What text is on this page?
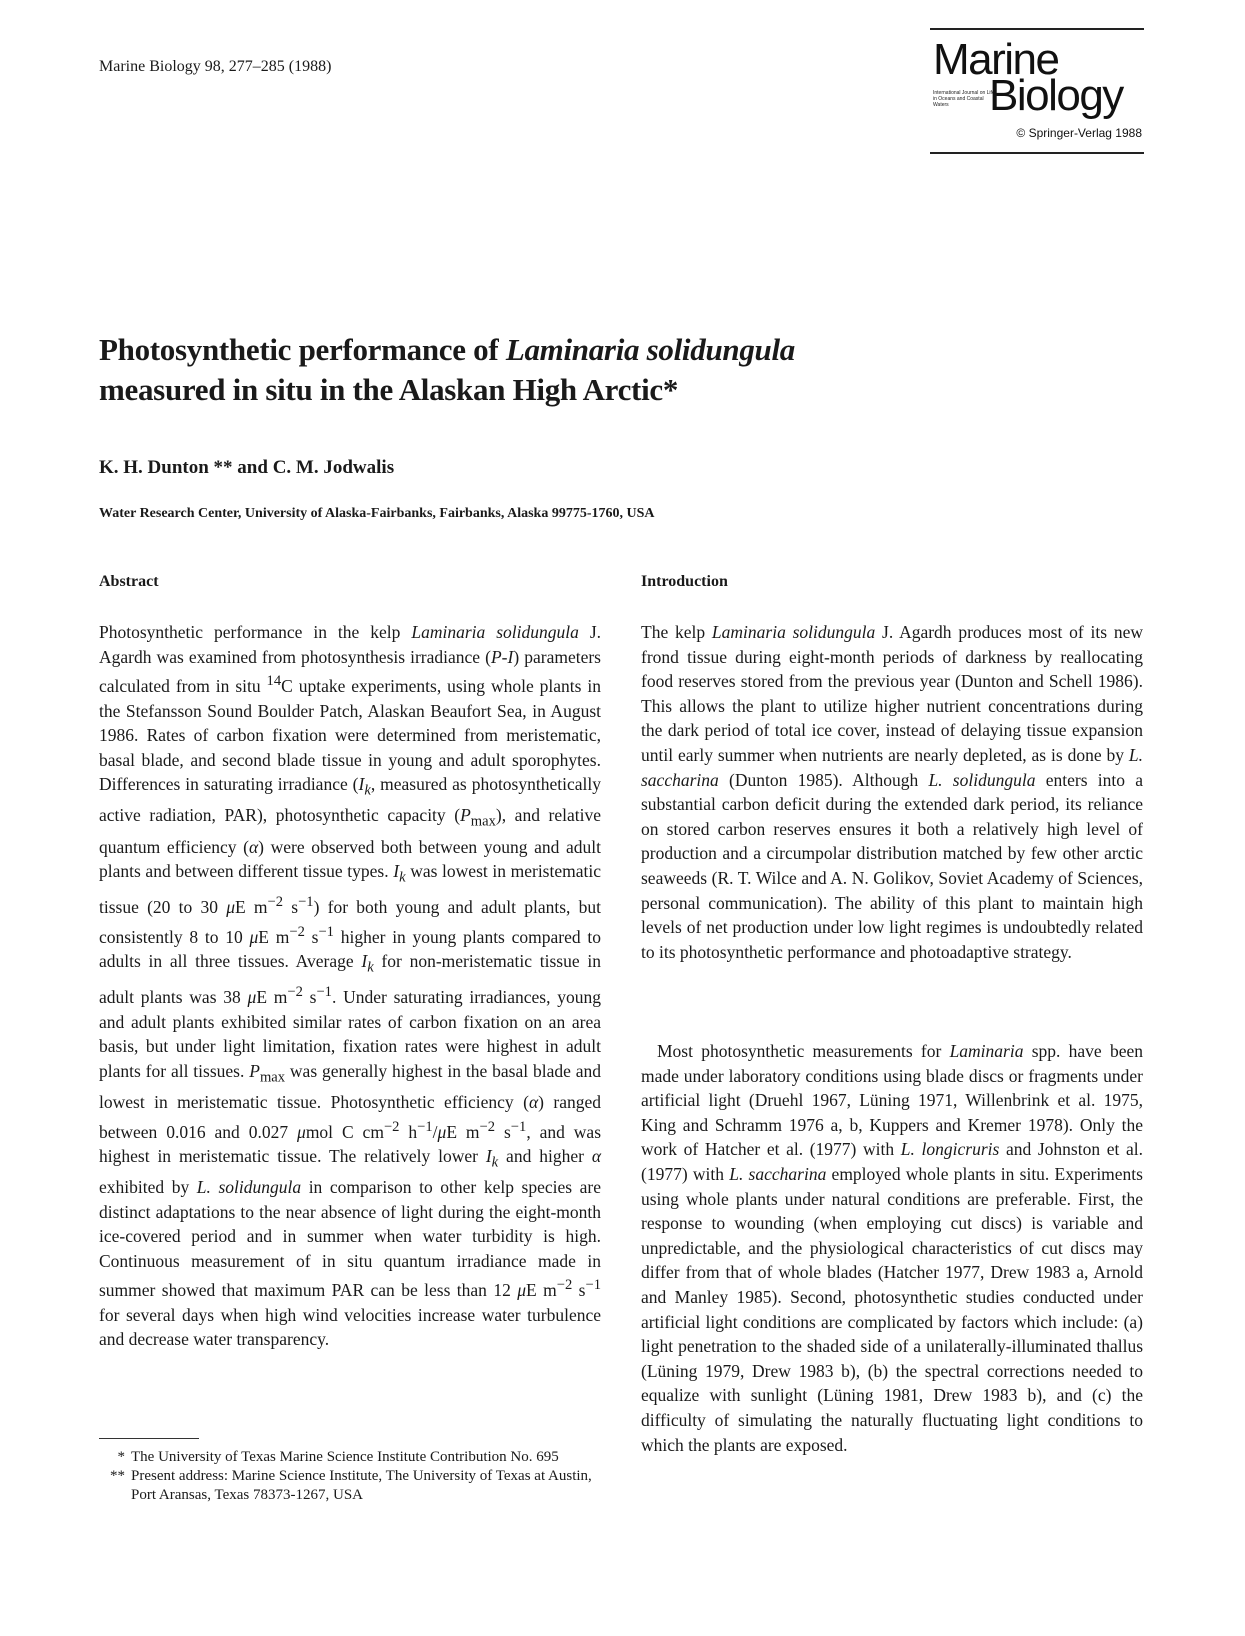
Marine Biology 98, 277–285 (1988)	Marine
International Journal on Life in Oceans and Coastal Waters Biology
© Springer-Verlag 1988
Photosynthetic performance of Laminaria solidungula
measured in situ in the Alaskan High Arctic*
K. H. Dunton ** and C. M. Jodwalis
Water Research Center, University of Alaska-Fairbanks, Fairbanks, Alaska 99775-1760, USA
Abstract

Photosynthetic performance in the kelp Laminaria solidungula J. Agardh was examined from photosynthesis irradiance (P-I) parameters calculated from in situ $^{14}$C uptake experiments, using whole plants in the Stefansson Sound Boulder Patch, Alaskan Beaufort Sea, in August 1986. Rates of carbon fixation were determined from meristematic, basal blade, and second blade tissue in young and adult sporophytes. Differences in saturating irradiance ($I_k$, measured as photosynthetically active radiation, PAR), photosynthetic capacity $(P_{max})$, and relative quantum efficiency (α) were observed both between young and adult plants and between different tissue types. $I_k$ was lowest in meristematic tissue (20 to 30 μE $m^{-2}$ $s^{-1}$) for both young and adult plants, but consistently 8 to 10 μE $m^{-2}$ $s^{-1}$ higher in young plants compared to adults in all three tissues. Average $I_k$ for non-meristematic tissue in adult plants was 38 μE $m^{-2}$ $s^{-1}$. Under saturating irradiances, young and adult plants exhibited similar rates of carbon fixation on an area basis, but under light limitation, fixation rates were highest in adult plants for all tissues. $P_{max}$ was generally highest in the basal blade and lowest in meristematic tissue. Photosynthetic efficiency (α) ranged between 0.016 and 0.027 μmol C $cm^{-2}$ $h^{-1}/\mu E$ $m^{-2}$ $s^{-1}$, and was highest in meristematic tissue. The relatively lower $I_k$ and higher α exhibited by L. solidungula in comparison to other kelp species are distinct adaptations to the near absence of light during the eight-month ice-covered period and in summer when water turbidity is high. Continuous measurement of in situ quantum irradiance made in summer showed that maximum PAR can be less than 12 μE $m^{-2}$ $s^{-1}$ for several days when high wind velocities increase water turbulence and decrease water transparency.

Introduction

The kelp Laminaria solidungula J. Agardh produces most of its new frond tissue during eight-month periods of darkness by reallocating food reserves stored from the previous year (Dunton and Schell 1986). This allows the plant to utilize higher nutrient concentrations during the dark period of total ice cover, instead of delaying tissue expansion until early summer when nutrients are nearly depleted, as is done by L. saccharina (Dunton 1985). Although L. solidungula enters into a substantial carbon deficit during the extended dark period, its reliance on stored carbon reserves ensures it both a relatively high level of production and a circumpolar distribution matched by few other arctic seaweeds (R. T. Wilce and A. N. Golikov, Soviet Academy of Sciences, personal communication). The ability of this plant to maintain high levels of net production under low light regimes is undoubtedly related to its photosynthetic performance and photoadaptive strategy.

Most photosynthetic measurements for Laminaria spp. have been made under laboratory conditions using blade discs or fragments under artificial light (Druehl 1967, Lüning 1971, Willenbrink et al. 1975, King and Schramm 1976 a, b, Kuppers and Kremer 1978). Only the work of Hatcher et al. (1977) with L. longicruris and Johnston et al. (1977) with L. saccharina employed whole plants in situ. Experiments using whole plants under natural conditions are preferable. First, the response to wounding (when employing cut discs) is variable and unpredictable, and the physiological characteristics of cut discs may differ from that of whole blades (Hatcher 1977, Drew 1983 a, Arnold and Manley 1985). Second, photosynthetic studies conducted under artificial light conditions are complicated by factors which include: (a) light penetration to the shaded side of a unilaterally-illuminated thallus (Lüning 1979, Drew 1983 b), (b) the spectral corrections needed to equalize with sunlight (Lüning 1981, Drew 1983 b), and (c) the difficulty of simulating the naturally fluctuating light conditions to which the plants are exposed.

* The University of Texas Marine Science Institute Contribution No. 695
** Present address: Marine Science Institute, The University of Texas at Austin, Port Aransas, Texas 78373-1267, USA
